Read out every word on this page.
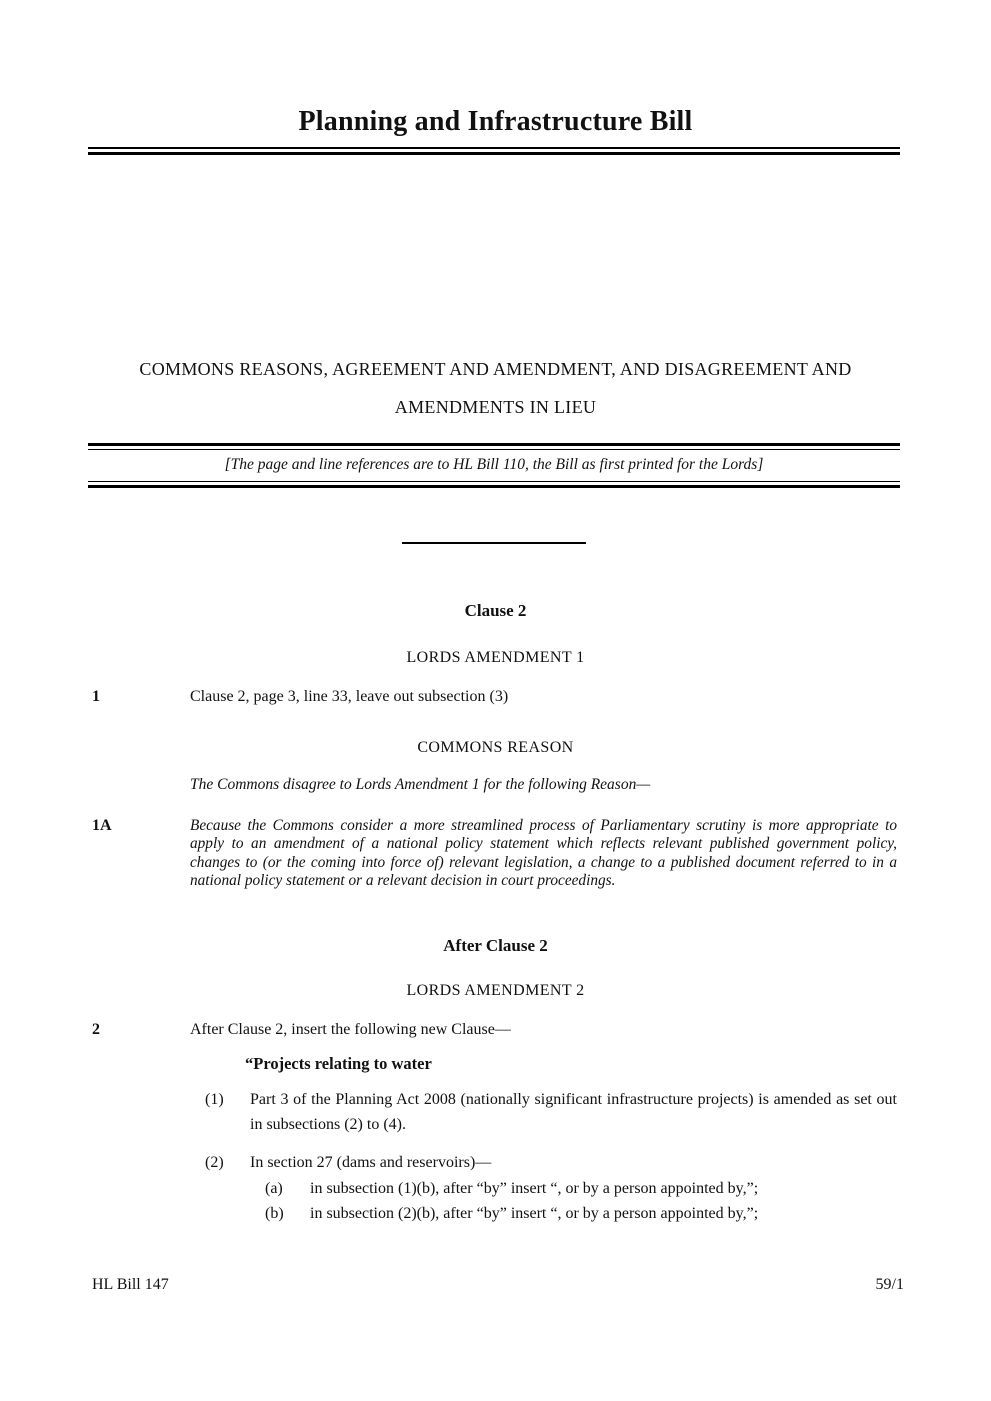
Planning and Infrastructure Bill
COMMONS REASONS, AGREEMENT AND AMENDMENT, AND DISAGREEMENT AND
AMENDMENTS IN LIEU
[The page and line references are to HL Bill 110, the Bill as first printed for the Lords]
Clause 2
LORDS AMENDMENT 1
1	Clause 2, page 3, line 33, leave out subsection (3)
COMMONS REASON
The Commons disagree to Lords Amendment 1 for the following Reason—
1A	Because the Commons consider a more streamlined process of Parliamentary scrutiny is more appropriate to apply to an amendment of a national policy statement which reflects relevant published government policy, changes to (or the coming into force of) relevant legislation, a change to a published document referred to in a national policy statement or a relevant decision in court proceedings.
After Clause 2
LORDS AMENDMENT 2
2	After Clause 2, insert the following new Clause—
“Projects relating to water
(1)	Part 3 of the Planning Act 2008 (nationally significant infrastructure projects) is amended as set out in subsections (2) to (4).
(2)	In section 27 (dams and reservoirs)—
(a)	in subsection (1)(b), after “by” insert “, or by a person appointed by,”;
(b)	in subsection (2)(b), after “by” insert “, or by a person appointed by,”;
HL Bill 147	59/1
